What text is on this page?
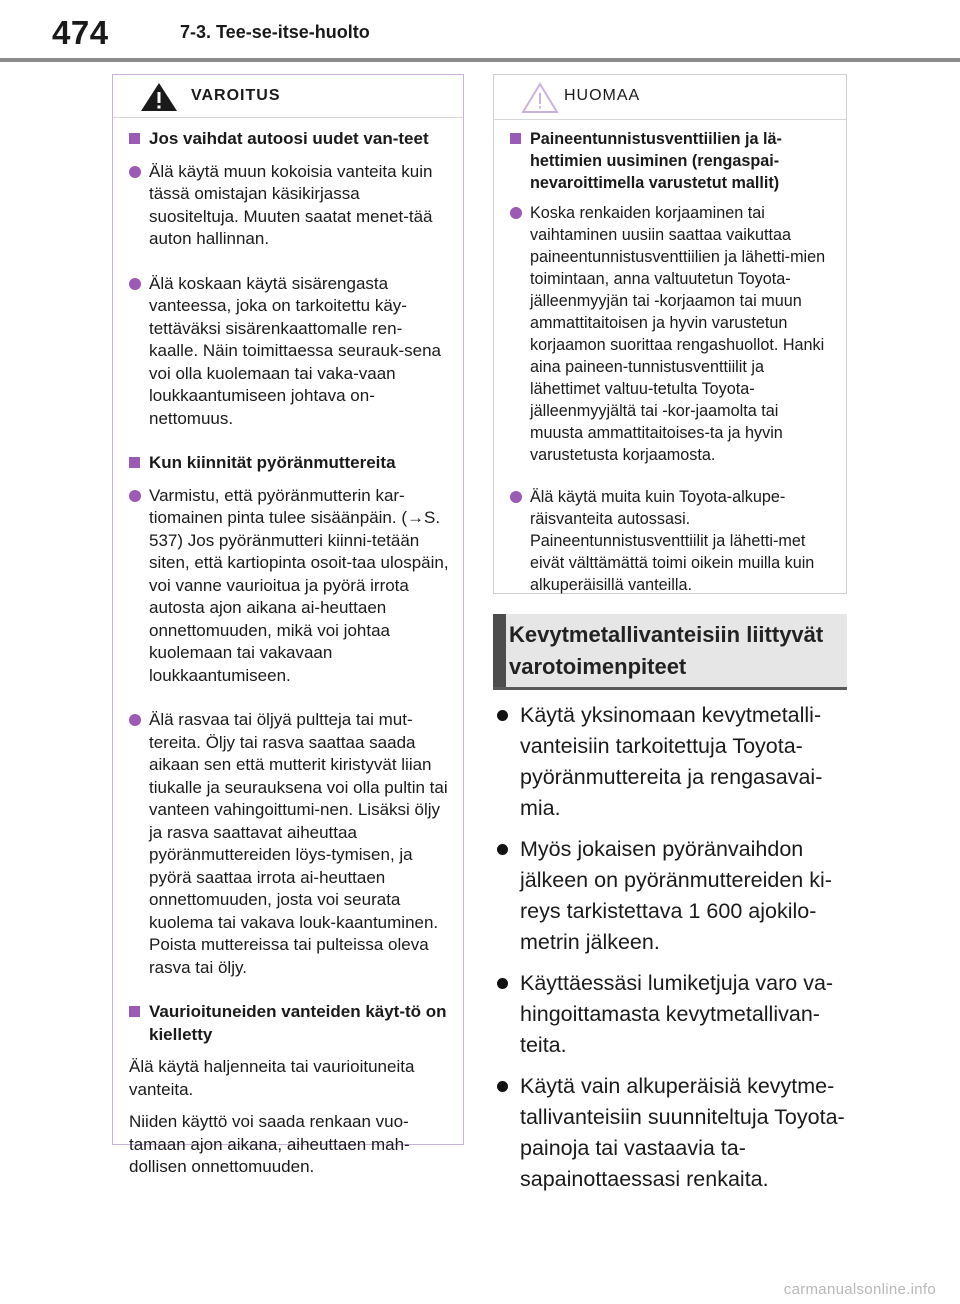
474	7-3. Tee-se-itse-huolto
VAROITUS
Jos vaihdat autoosi uudet van-teet
Älä käytä muun kokoisia vanteita kuin tässä omistajan käsikirjassa suositeltuja. Muuten saatat menet-tää auton hallinnan.
Älä koskaan käytä sisärengasta vanteessa, joka on tarkoitettu käy-tettäväksi sisärenkaattomalle ren-kaalle. Näin toimittaessa seurauk-sena voi olla kuolemaan tai vaka-vaan loukkaantumiseen johtava on-nettomuus.
Kun kiinnität pyöränmuttereita
Varmistu, että pyöränmutterin kar-tiomainen pinta tulee sisäänpäin. (→S. 537) Jos pyöränmutteri kiinni-tetään siten, että kartiopinta osoit-taa ulospäin, voi vanne vaurioitua ja pyörä irrota autosta ajon aikana ai-heuttaen onnettomuuden, mikä voi johtaa kuolemaan tai vakavaan loukkaantumiseen.
Älä rasvaa tai öljyä pultteja tai mut-tereita. Öljy tai rasva saattaa saada aikaan sen että mutterit kiristyvät liian tiukalle ja seurauksena voi olla pultin tai vanteen vahingoittumi-nen. Lisäksi öljy ja rasva saattavat aiheuttaa pyöränmuttereiden löys-tymisen, ja pyörä saattaa irrota ai-heuttaen onnettomuuden, josta voi seurata kuolema tai vakava louk-kaantuminen. Poista muttereissa tai pulteissa oleva rasva tai öljy.
Vaurioituneiden vanteiden käyt-tö on kielletty
Älä käytä haljenneita tai vaurioituneita vanteita.
Niiden käyttö voi saada renkaan vuo-tamaan ajon aikana, aiheuttaen mah-dollisen onnettomuuden.
HUOMAA
Paineentunnistusventtiilien ja lä-hettimien uusiminen (rengaspai-nevaroittimella varustetut mallit)
Koska renkaiden korjaaminen tai vaihtaminen uusiin saattaa vaikuttaa paineentunnistusventtiilien ja lähetti-mien toimintaan, anna valtuutetun Toyota-jälleenmyyjän tai -korjaamon tai muun ammattitaitoisen ja hyvin varustetun korjaamon suorittaa rengashuollot. Hanki aina paineen-tunnistusventtiilit ja lähettimet valtuu-tetulta Toyota-jälleenmyyjältä tai -kor-jaamolta tai muusta ammattitaitoises-ta ja hyvin varustetusta korjaamosta.
Älä käytä muita kuin Toyota-alkupe-räisvanteita autossasi. Paineentunnistusventtiilit ja lähetti-met eivät välttämättä toimi oikein muilla kuin alkuperäisillä vanteilla.
Kevytmetallivanteisiin liittyvät varotoimenpiteet
Käytä yksinomaan kevytmetalli-vanteisiin tarkoitettuja Toyota-pyöränmuttereita ja rengasavai-mia.
Myös jokaisen pyöränvaihdon jälkeen on pyöränmuttereiden ki-reys tarkistettava 1 600 ajokilo-metrin jälkeen.
Käyttäessäsi lumiketjuja varo va-hingoittamasta kevytmetallivan-teita.
Käytä vain alkuperäisiä kevytme-tallivanteisiin suunniteltuja Toyota-painoja tai vastaavia ta-sapainottaessasi renkaita.
carmanualsonline.info
